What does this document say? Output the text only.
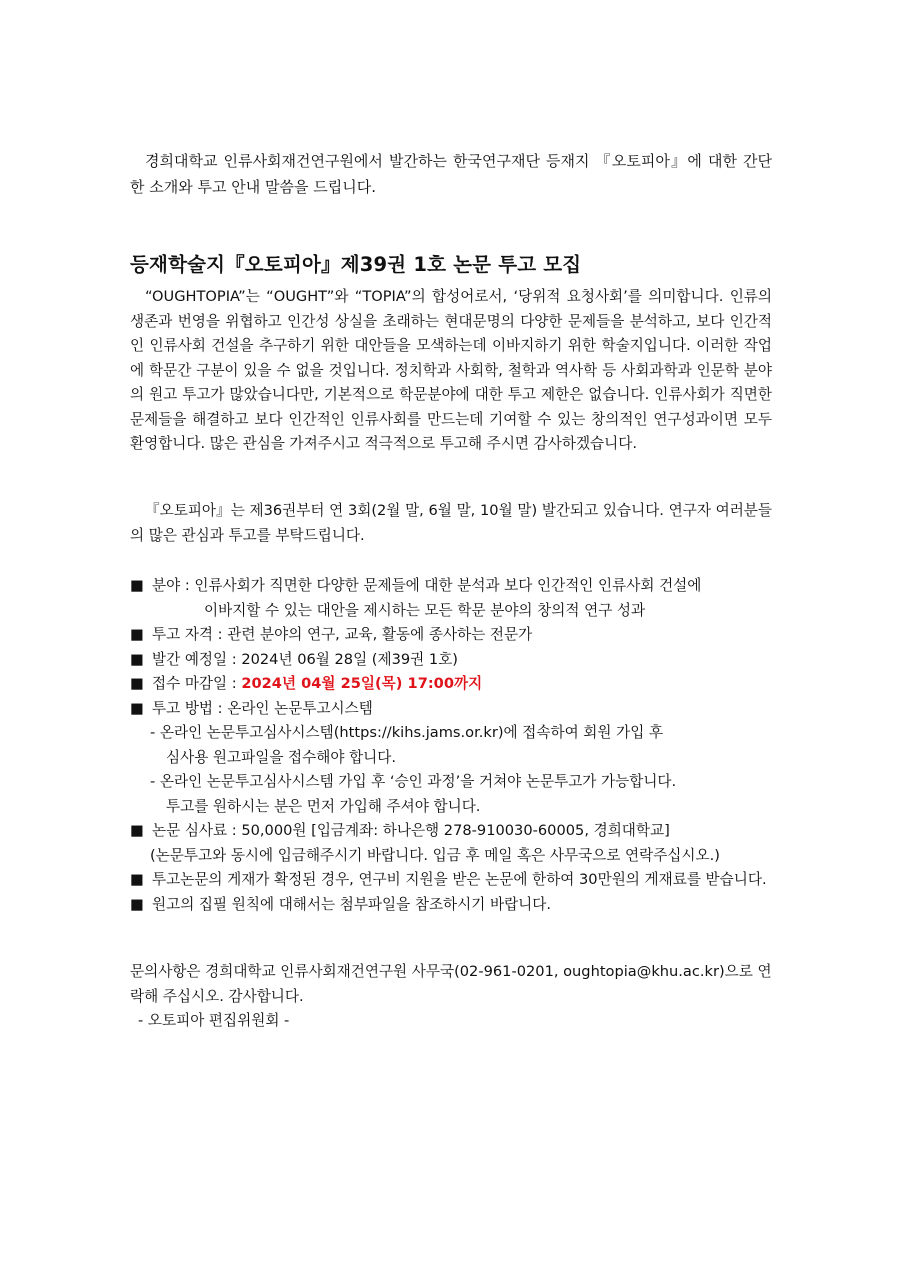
경희대학교 인류사회재건연구원에서 발간하는 한국연구재단 등재지 『오토피아』에 대한 간단한 소개와 투고 안내 말씀을 드립니다.

등재학술지『오토피아』제39권 1호 논문 투고 모집

“OUGHTOPIA”는 “OUGHT”와 “TOPIA”의 합성어로서, ‘당위적 요청사회’를 의미합니다. 인류의 생존과 번영을 위협하고 인간성 상실을 초래하는 현대문명의 다양한 문제들을 분석하고, 보다 인간적인 인류사회 건설을 추구하기 위한 대안들을 모색하는데 이바지하기 위한 학술지입니다. 이러한 작업에 학문간 구분이 있을 수 없을 것입니다. 정치학과 사회학, 철학과 역사학 등 사회과학과 인문학 분야의 원고 투고가 많았습니다만, 기본적으로 학문분야에 대한 투고 제한은 없습니다. 인류사회가 직면한 문제들을 해결하고 보다 인간적인 인류사회를 만드는데 기여할 수 있는 창의적인 연구성과이면 모두 환영합니다. 많은 관심을 가져주시고 적극적으로 투고해 주시면 감사하겠습니다.

『오토피아』는 제36권부터 연 3회(2월 말, 6월 말, 10월 말) 발간되고 있습니다. 연구자 여러분들의 많은 관심과 투고를 부탁드립니다.

■ 분야 : 인류사회가 직면한 다양한 문제들에 대한 분석과 보다 인간적인 인류사회 건설에
이바지할 수 있는 대안을 제시하는 모든 학문 분야의 창의적 연구 성과
■ 투고 자격 : 관련 분야의 연구, 교육, 활동에 종사하는 전문가
■ 발간 예정일 : 2024년 06월 28일 (제39권 1호)
■ 접수 마감일 : 2024년 04월 25일(목) 17:00까지
■ 투고 방법 : 온라인 논문투고시스템
- 온라인 논문투고심사시스템(https://kihs.jams.or.kr)에 접속하여 회원 가입 후
심사용 원고파일을 접수해야 합니다.
- 온라인 논문투고심사시스템 가입 후 ‘승인 과정’을 거쳐야 논문투고가 가능합니다.
투고를 원하시는 분은 먼저 가입해 주셔야 합니다.
■ 논문 심사료 : 50,000원 [입금계좌: 하나은행 278-910030-60005, 경희대학교]
(논문투고와 동시에 입금해주시기 바랍니다. 입금 후 메일 혹은 사무국으로 연락주십시오.)
■ 투고논문의 게재가 확정된 경우, 연구비 지원을 받은 논문에 한하여 30만원의 게재료를 받습니다.
■ 원고의 집필 원칙에 대해서는 첨부파일을 참조하시기 바랍니다.
문의사항은 경희대학교 인류사회재건연구원 사무국(02-961-0201, oughtopia@khu.ac.kr)으로 연락해 주십시오. 감사합니다.
- 오토피아 편집위원회 -
